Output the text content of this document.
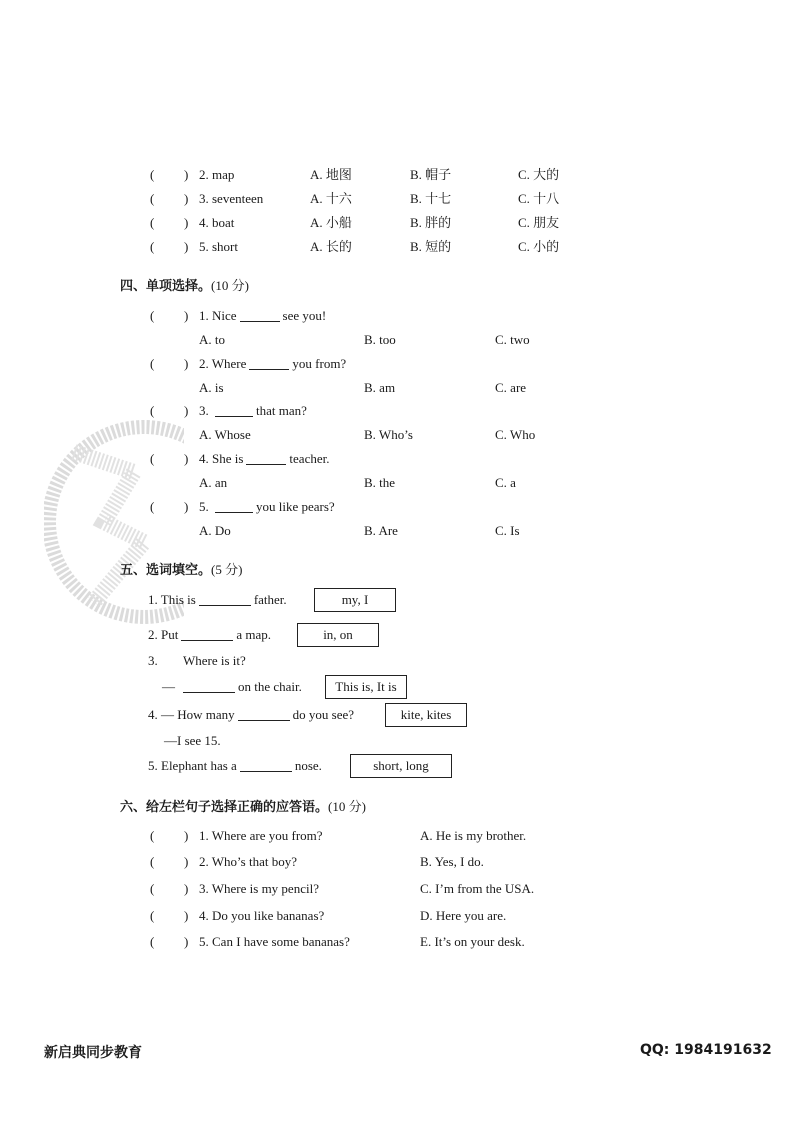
( ) 2. map	A. 地图	B. 帽子	C. 大的
( ) 3. seventeen	A. 十六	B. 十七	C. 十八
( ) 4. boat	A. 小船	B. 胖的	C. 朋友
( ) 5. short	A. 长的	B. 短的	C. 小的
四、单项选择。(10 分)
( ) 1. Nice	see you!
A. to	B. too	C. two
( ) 2. Where	you from?
A. is	B. am	C. are
( ) 3.	that man?
A. Whose	B. Who’s	C. Who
( ) 4. She is	teacher.
A. an	B. the	C. a
( ) 5.	you like pears?
A. Do	B. Are	C. Is
五、选词填空。(5 分)
1. This is	father.	my, I
2. Put	a map.	in, on
3. Where is it?
—	on the chair.	This is, It is
4. — How many	do you see?	kite, kites
—I see 15.
5. Elephant has a	nose.	short, long
六、给左栏句子选择正确的应答语。(10 分)
( ) 1. Where are you from?	A. He is my brother.
( ) 2. Who’s that boy?	B. Yes, I do.
( ) 3. Where is my pencil?	C. I’m from the USA.
( ) 4. Do you like bananas?	D. Here you are.
( ) 5. Can I have some bananas?	E. It’s on your desk.
新启典同步教育	QQ: 1984191632
